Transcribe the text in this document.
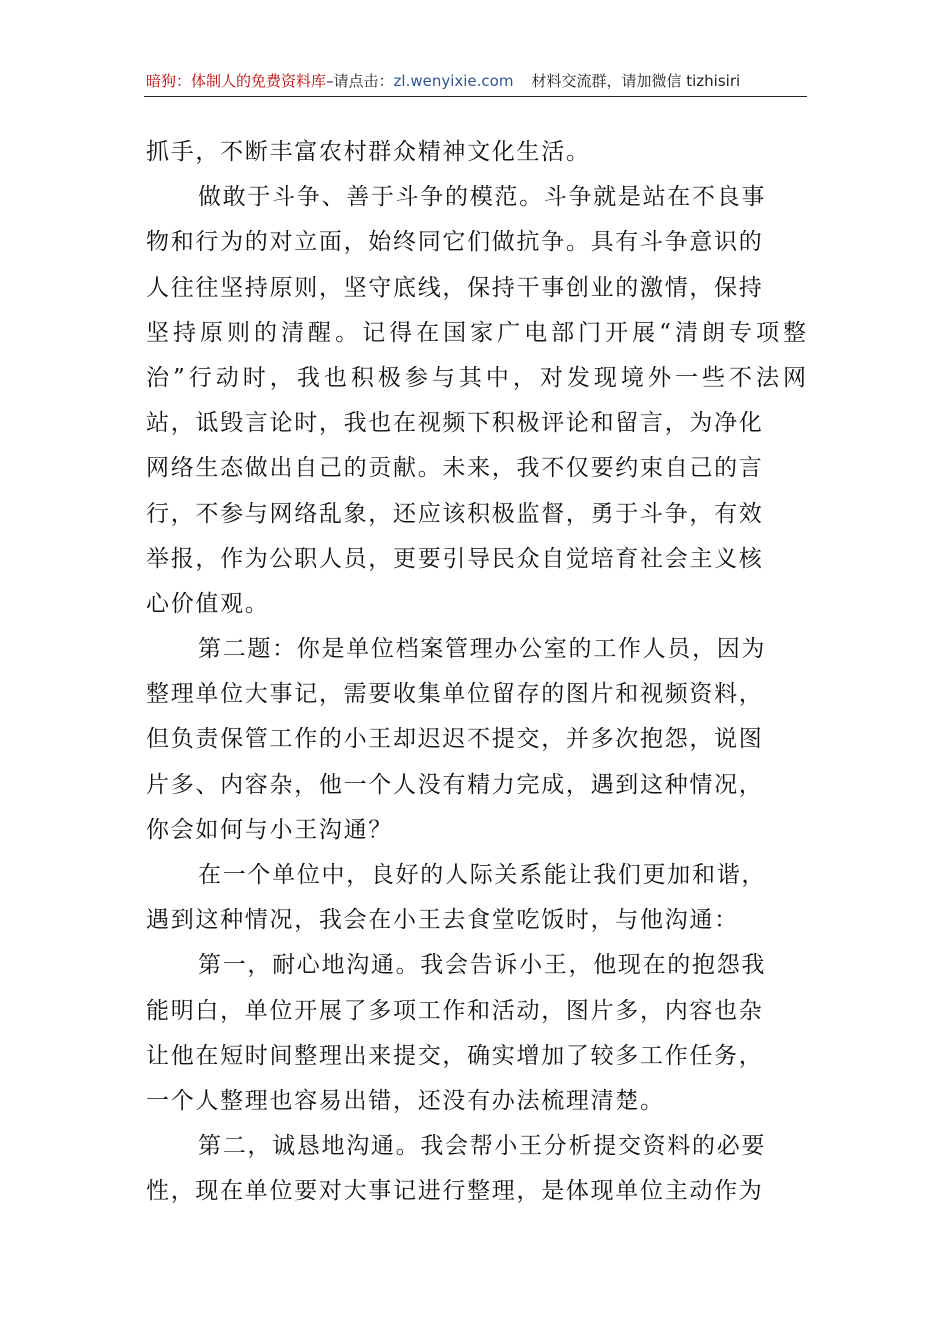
暗狗：体制人的免费资料库–请点击：zl.wenyixie.com 材料交流群，请加微信 tizhisiri
抓手，不断丰富农村群众精神文化生活。
做敢于斗争、善于斗争的模范。斗争就是站在不良事
物和行为的对立面，始终同它们做抗争。具有斗争意识的
人往往坚持原则，坚守底线，保持干事创业的激情，保持
坚持原则的清醒。记得在国家广电部门开展“清朗专项整
治”行动时，我也积极参与其中，对发现境外一些不法网
站，诋毁言论时，我也在视频下积极评论和留言，为净化
网络生态做出自己的贡献。未来，我不仅要约束自己的言
行，不参与网络乱象，还应该积极监督，勇于斗争，有效
举报，作为公职人员，更要引导民众自觉培育社会主义核
心价值观。
第二题：你是单位档案管理办公室的工作人员，因为
整理单位大事记，需要收集单位留存的图片和视频资料，
但负责保管工作的小王却迟迟不提交，并多次抱怨，说图
片多、内容杂，他一个人没有精力完成，遇到这种情况，
你会如何与小王沟通？
在一个单位中，良好的人际关系能让我们更加和谐，
遇到这种情况，我会在小王去食堂吃饭时，与他沟通：
第一，耐心地沟通。我会告诉小王，他现在的抱怨我
能明白，单位开展了多项工作和活动，图片多，内容也杂
让他在短时间整理出来提交，确实增加了较多工作任务，
一个人整理也容易出错，还没有办法梳理清楚。
第二，诚恳地沟通。我会帮小王分析提交资料的必要
性，现在单位要对大事记进行整理，是体现单位主动作为
